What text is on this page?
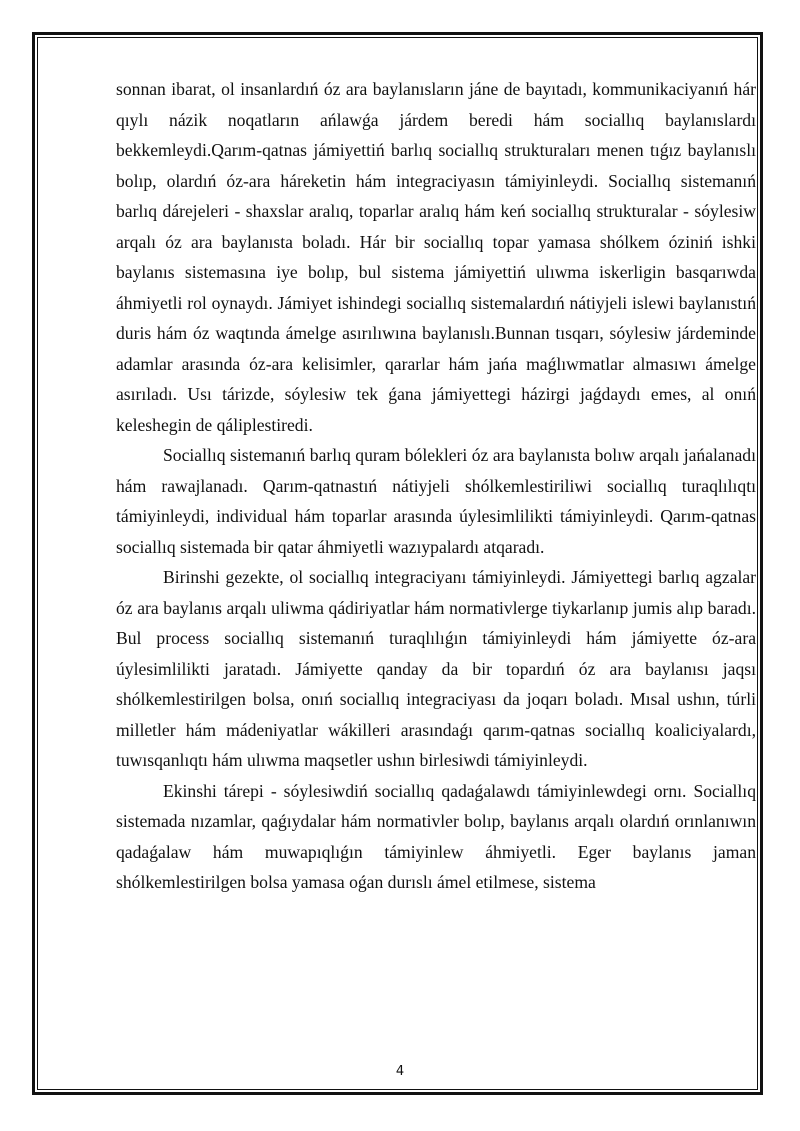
sonnan ibarat, ol insanlardıń óz ara baylanısların jáne de bayıtadı, kommunikaciyanıń hár qıylı názik noqatların ańlawǵa járdem beredi hám sociallıq baylanıslardı bekkemleydi.Qarım-qatnas jámiyettiń barlıq sociallıq strukturaları menen tıǵız baylanıslı bolıp, olardıń óz-ara háreketin hám integraciyasın támiyinleydi. Sociallıq sistemanıń barlıq dárejeleri - shaxslar aralıq, toparlar aralıq hám keń sociallıq strukturalar - sóylesiw arqalı óz ara baylanısta boladı. Hár bir sociallıq topar yamasa shólkem óziniń ishki baylanıs sistemasına iye bolıp, bul sistema jámiyettiń ulıwma iskerligin basqarıwda áhmiyetli rol oynaydı. Jámiyet ishindegi sociallıq sistemalardıń nátiyjeli islewi baylanıstıń duris hám óz waqtında ámelge asırılıwına baylanıslı.Bunnan tısqarı, sóylesiw járdeminde adamlar arasında óz-ara kelisimler, qararlar hám jańa maǵlıwmatlar almasıwı ámelge asırıladı. Usı tárizde, sóylesiw tek ǵana jámiyettegi házirgi jaǵdaydı emes, al onıń keleshegin de qáliplestiredi.

Sociallıq sistemanıń barlıq quram bólekleri óz ara baylanısta bolıw arqalı jańalanadı hám rawajlanadı. Qarım-qatnastıń nátiyjeli shólkemlestiriliwi sociallıq turaqlılıqtı támiyinleydi, individual hám toparlar arasında úylesimlilikti támiyinleydi. Qarım-qatnas sociallıq sistemada bir qatar áhmiyetli wazıypalardı atqaradı.

Birinshi gezekte, ol sociallıq integraciyanı támiyinleydi. Jámiyettegi barlıq agzalar óz ara baylanıs arqalı uliwma qádiriyatlar hám normativlerge tiykarlanıp jumis alıp baradı. Bul process sociallıq sistemanıń turaqlılıǵın támiyinleydi hám jámiyette óz-ara úylesimlilikti jaratadı. Jámiyette qanday da bir topardıń óz ara baylanısı jaqsı shólkemlestirilgen bolsa, onıń sociallıq integraciyası da joqarı boladı. Mısal ushın, túrli milletler hám mádeniyatlar wákilleri arasındaǵı qarım-qatnas sociallıq koaliciyalardı, tuwısqanlıqtı hám ulıwma maqsetler ushın birlesiwdi támiyinleydi.

Ekinshi tárepi - sóylesiwdiń sociallıq qadaǵalawdı támiyinlewdegi ornı. Sociallıq sistemada nızamlar, qaǵıydalar hám normativler bolıp, baylanıs arqalı olardıń orınlanıwın qadaǵalaw hám muwapıqlıǵın támiyinlew áhmiyetli. Eger baylanıs jaman shólkemlestirilgen bolsa yamasa oǵan durıslı ámel etilmese, sistema

4
